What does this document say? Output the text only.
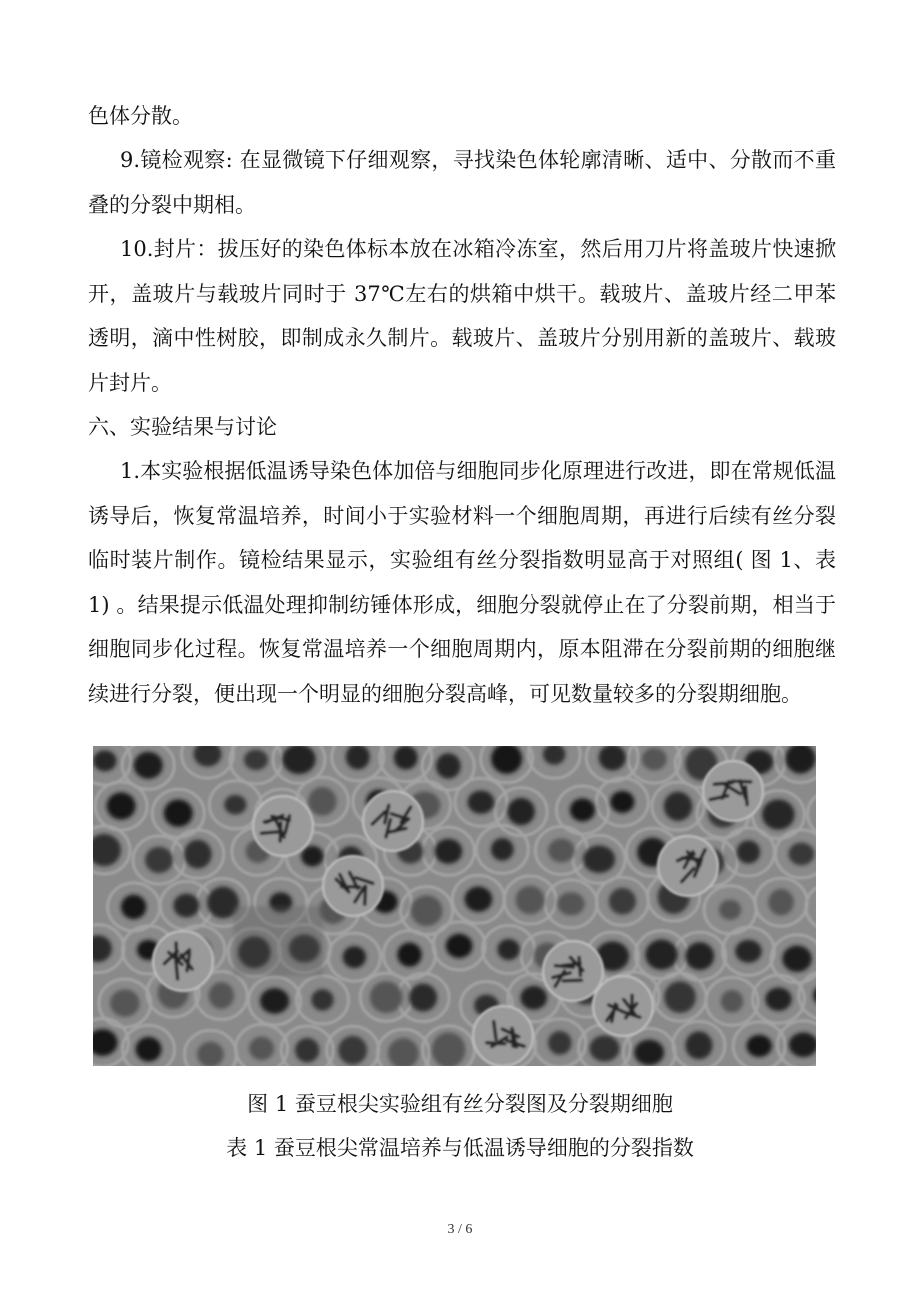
色体分散。

9.镜检观察: 在显微镜下仔细观察，寻找染色体轮廓清晰、适中、分散而不重叠的分裂中期相。

10.封片：拔压好的染色体标本放在冰箱冷冻室，然后用刀片将盖玻片快速掀开，盖玻片与载玻片同时于 37℃左右的烘箱中烘干。载玻片、盖玻片经二甲苯透明，滴中性树胶，即制成永久制片。载玻片、盖玻片分别用新的盖玻片、载玻片封片。

六、实验结果与讨论

1.本实验根据低温诱导染色体加倍与细胞同步化原理进行改进，即在常规低温诱导后，恢复常温培养，时间小于实验材料一个细胞周期，再进行后续有丝分裂临时装片制作。镜检结果显示，实验组有丝分裂指数明显高于对照组( 图 1、表 1) 。结果提示低温处理抑制纺锤体形成，细胞分裂就停止在了分裂前期，相当于细胞同步化过程。恢复常温培养一个细胞周期内，原本阻滞在分裂前期的细胞继续进行分裂，便出现一个明显的细胞分裂高峰，可见数量较多的分裂期细胞。

图 1 蚕豆根尖实验组有丝分裂图及分裂期细胞

表 1 蚕豆根尖常温培养与低温诱导细胞的分裂指数

3 / 6
